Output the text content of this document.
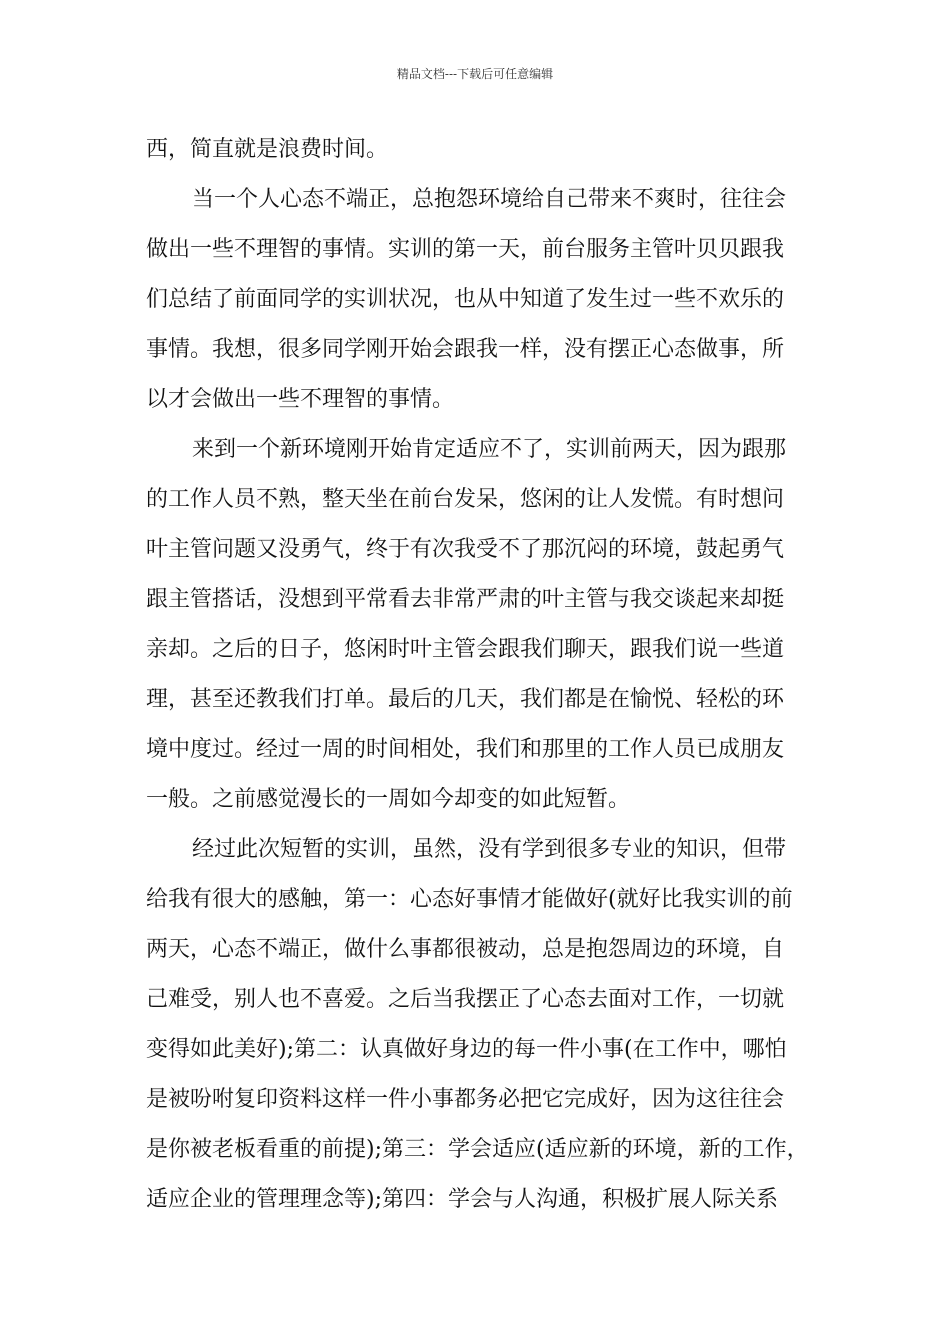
精品文档---下载后可任意编辑
西，简直就是浪费时间。
当一个人心态不端正，总抱怨环境给自己带来不爽时，往往会
做出一些不理智的事情。实训的第一天，前台服务主管叶贝贝跟我
们总结了前面同学的实训状况，也从中知道了发生过一些不欢乐的
事情。我想，很多同学刚开始会跟我一样，没有摆正心态做事，所
以才会做出一些不理智的事情。
来到一个新环境刚开始肯定适应不了，实训前两天，因为跟那
的工作人员不熟，整天坐在前台发呆，悠闲的让人发慌。有时想问
叶主管问题又没勇气，终于有次我受不了那沉闷的环境，鼓起勇气
跟主管搭话，没想到平常看去非常严肃的叶主管与我交谈起来却挺
亲却。之后的日子，悠闲时叶主管会跟我们聊天，跟我们说一些道
理，甚至还教我们打单。最后的几天，我们都是在愉悦、轻松的环
境中度过。经过一周的时间相处，我们和那里的工作人员已成朋友
一般。之前感觉漫长的一周如今却变的如此短暂。
经过此次短暂的实训，虽然，没有学到很多专业的知识，但带
给我有很大的感触，第一：心态好事情才能做好(就好比我实训的前
两天，心态不端正，做什么事都很被动，总是抱怨周边的环境，自
己难受，别人也不喜爱。之后当我摆正了心态去面对工作，一切就
变得如此美好);第二：认真做好身边的每一件小事(在工作中，哪怕
是被吩咐复印资料这样一件小事都务必把它完成好，因为这往往会
是你被老板看重的前提);第三：学会适应(适应新的环境，新的工作，
适应企业的管理理念等);第四：学会与人沟通，积极扩展人际关系
